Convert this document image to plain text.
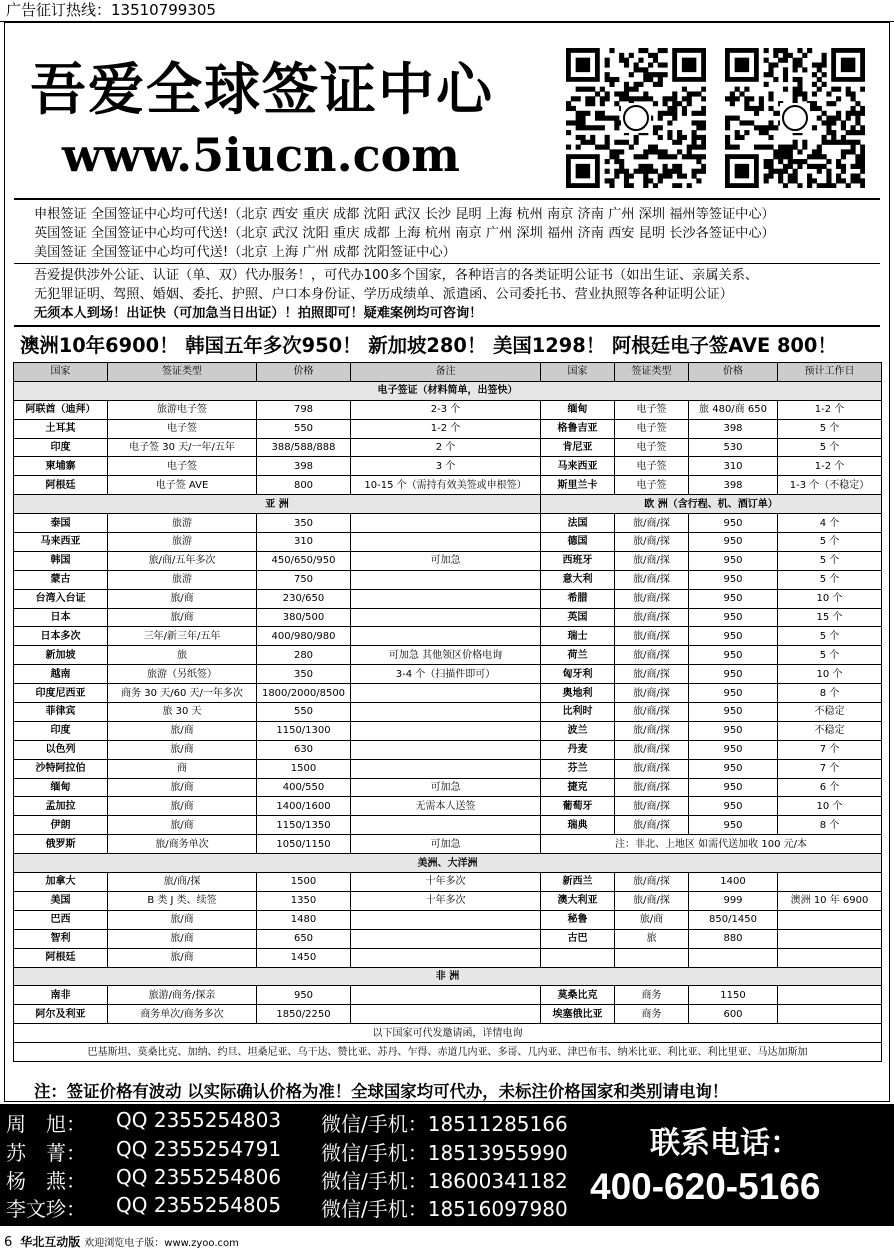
广告征订热线：13510799305
吾爱全球签证中心
www.5iucn.com
申根签证 全国签证中心均可代送!（北京 西安 重庆 成都 沈阳 武汉 长沙 昆明 上海 杭州 南京 济南 广州 深圳 福州等签证中心）
英国签证 全国签证中心均可代送!（北京 武汉 沈阳 重庆 成都 上海 杭州 南京 广州 深圳 福州 济南 西安 昆明 长沙各签证中心）
美国签证 全国签证中心均可代送!（北京 上海 广州 成都 沈阳签证中心）
吾爱提供涉外公证、认证（单、双）代办服务！，可代办100多个国家，各种语言的各类证明公证书（如出生证、亲属关系、
无犯罪证明、驾照、婚姻、委托、护照、户口本身份证、学历成绩单、派遣函、公司委托书、营业执照等各种证明公证）
无须本人到场！出证快（可加急当日出证）！拍照即可！疑难案例均可咨询！
澳洲10年6900！ 韩国五年多次950！ 新加坡280！ 美国1298！ 阿根廷电子签AVE 800！
国家	签证类型	价格	备注	国家	签证类型	价格	预计工作日
电子签证（材料简单，出签快）							
阿联酋（迪拜）	旅游电子签	798	2-3 个	缅甸	电子签	旅 480/商 650	1-2 个
土耳其	电子签	550	1-2 个	格鲁吉亚	电子签	398	5 个
印度	电子签 30 天/一年/五年	388/588/888	2 个	肯尼亚	电子签	530	5 个
柬埔寨	电子签	398	3 个	马来西亚	电子签	310	1-2 个
阿根廷	电子签 AVE	800	10-15 个（需持有效美签或申根签）	斯里兰卡	电子签	398	1-3 个（不稳定）
亚 洲				欧 洲（含行程、机、酒订单）			
泰国	旅游	350		法国	旅/商/探	950	4 个
马来西亚	旅游	310		德国	旅/商/探	950	5 个
韩国	旅/商/五年多次	450/650/950	可加急	西班牙	旅/商/探	950	5 个
蒙古	旅游	750		意大利	旅/商/探	950	5 个
台湾入台证	旅/商	230/650		希腊	旅/商/探	950	10 个
日本	旅/商	380/500		英国	旅/商/探	950	15 个
日本多次	三年/新三年/五年	400/980/980		瑞士	旅/商/探	950	5 个
新加坡	旅	280	可加急 其他领区价格电询	荷兰	旅/商/探	950	5 个
越南	旅游（另纸签）	350	3-4 个（扫描件即可）	匈牙利	旅/商/探	950	10 个
印度尼西亚	商务 30 天/60 天/一年多次	1800/2000/8500		奥地利	旅/商/探	950	8 个
菲律宾	旅 30 天	550		比利时	旅/商/探	950	不稳定
印度	旅/商	1150/1300		波兰	旅/商/探	950	不稳定
以色列	旅/商	630		丹麦	旅/商/探	950	7 个
沙特阿拉伯	商	1500		芬兰	旅/商/探	950	7 个
缅甸	旅/商	400/550	可加急	捷克	旅/商/探	950	6 个
孟加拉	旅/商	1400/1600	无需本人送签	葡萄牙	旅/商/探	950	10 个
伊朗	旅/商	1150/1350		瑞典	旅/商/探	950	8 个
俄罗斯	旅/商务单次	1050/1150	可加急	注：非北、上地区 如需代送加收 100 元/本			
美洲、大洋洲							
加拿大	旅/商/探	1500	十年多次	新西兰	旅/商/探	1400	
美国	B 类 J 类、续签	1350	十年多次	澳大利亚	旅/商/探	999	澳洲 10 年 6900
巴西	旅/商	1480		秘鲁	旅/商	850/1450	
智利	旅/商	650		古巴	旅	880	
阿根廷	旅/商	1450					
非 洲							
南非	旅游/商务/探亲	950		莫桑比克	商务	1150	
阿尔及利亚	商务单次/商务多次	1850/2250		埃塞俄比亚	商务	600	
以下国家可代发邀请函，详情电询							
巴基斯坦、莫桑比克、加纳、约旦、坦桑尼亚、乌干达、赞比亚、苏丹、乍得、赤道几内亚、多哥、几内亚、津巴布韦、纳米比亚、利比亚、利比里亚、马达加斯加							
注：签证价格有波动 以实际确认价格为准！全球国家均可代办，未标注价格国家和类别请电询！
周　旭： QQ 2355254803 微信/手机：18511285166
苏　菁： QQ 2355254791 微信/手机：18513955990
杨　燕： QQ 2355254806 微信/手机：18600341182
李文珍： QQ 2355254805 微信/手机：18516097980
联系电话：
400-620-5166
6 华北互动版 欢迎浏览电子版：www.zyoo.com
